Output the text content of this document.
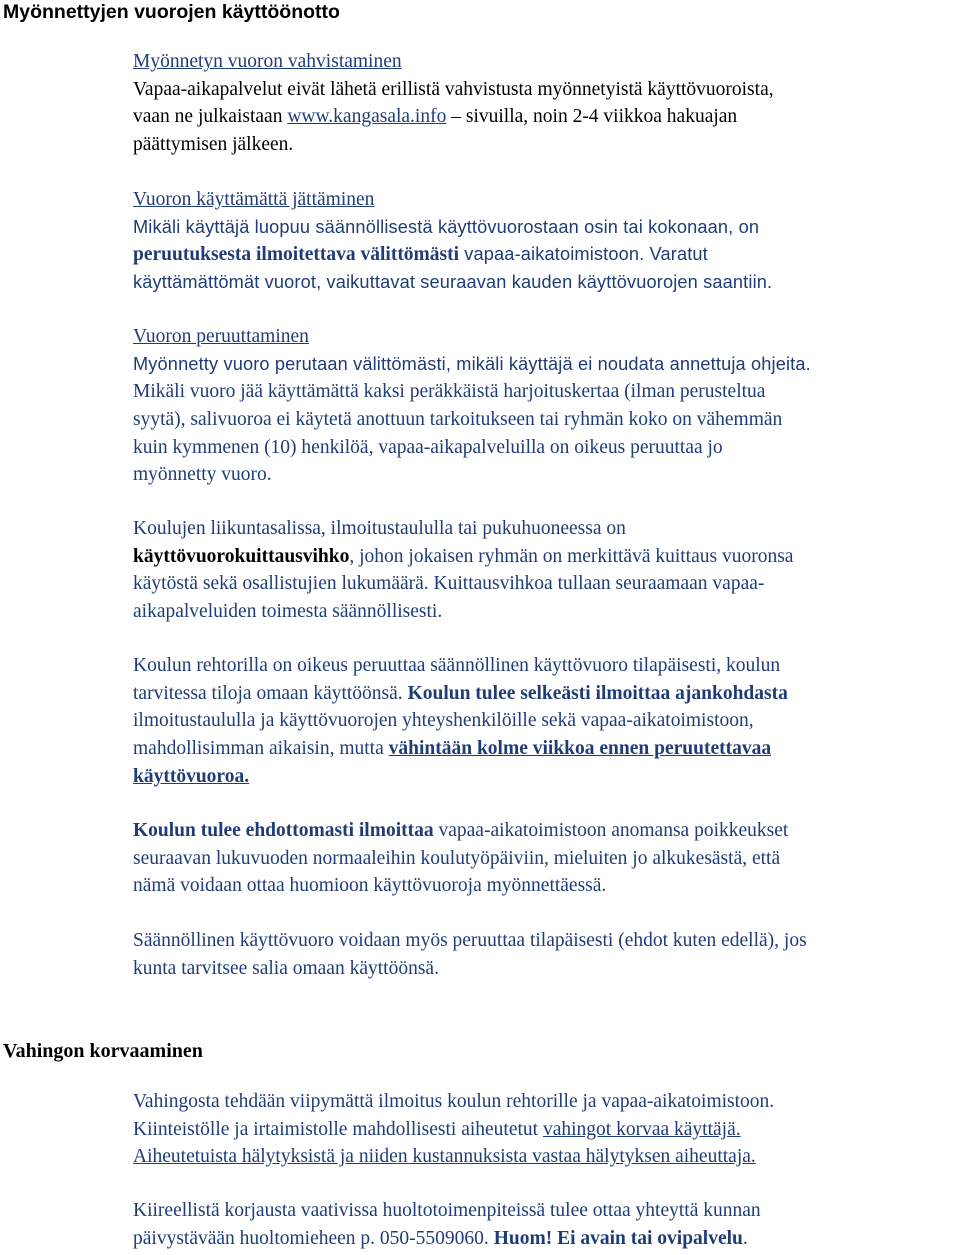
Myönnettyjen vuorojen käyttöönotto
Myönnetyn vuoron vahvistaminen
Vapaa-aikapalvelut eivät lähetä erillistä vahvistusta myönnetyistä käyttövuoroista,
vaan ne julkaistaan www.kangasala.info – sivuilla, noin 2-4 viikkoa hakuajan
päättymisen jälkeen.
Vuoron käyttämättä jättäminen
Mikäli käyttäjä luopuu säännöllisestä käyttövuorostaan osin tai kokonaan, on
peruutuksesta ilmoitettava välittömästi vapaa-aikatoimistoon. Varatut
käyttämättömät vuorot, vaikuttavat seuraavan kauden käyttövuorojen saantiin.
Vuoron peruuttaminen
Myönnetty vuoro perutaan välittömästi, mikäli käyttäjä ei noudata annettuja ohjeita.
Mikäli vuoro jää käyttämättä kaksi peräkkäistä harjoituskertaa (ilman perusteltua
syytä), salivuoroa ei käytetä anottuun tarkoitukseen tai ryhmän koko on vähemmän
kuin kymmenen (10) henkilöä, vapaa-aikapalveluilla on oikeus peruuttaa jo
myönnetty vuoro.
Koulujen liikuntasalissa, ilmoitustaululla tai pukuhuoneessa on
käyttövuorokuittausvihko, johon jokaisen ryhmän on merkittävä kuittaus vuoronsa
käytöstä sekä osallistujien lukumäärä. Kuittausvihkoa tullaan seuraamaan vapaa-
aikapalveluiden toimesta säännöllisesti.
Koulun rehtorilla on oikeus peruuttaa säännöllinen käyttövuoro tilapäisesti, koulun
tarvitessa tiloja omaan käyttöönsä. Koulun tulee selkeästi ilmoittaa ajankohdasta
ilmoitustaululla ja käyttövuorojen yhteyshenkilöille sekä vapaa-aikatoimistoon,
mahdollisimman aikaisin, mutta vähintään kolme viikkoa ennen peruutettavaa
käyttövuoroa.
Koulun tulee ehdottomasti ilmoittaa vapaa-aikatoimistoon anomansa poikkeukset
seuraavan lukuvuoden normaaleihin koulutyöpäiviin, mieluiten jo alkukesästä, että
nämä voidaan ottaa huomioon käyttövuoroja myönnettäessä.
Säännöllinen käyttövuoro voidaan myös peruuttaa tilapäisesti (ehdot kuten edellä), jos
kunta tarvitsee salia omaan käyttöönsä.
Vahingon korvaaminen
Vahingosta tehdään viipymättä ilmoitus koulun rehtorille ja vapaa-aikatoimistoon.
Kiinteistölle ja irtaimistolle mahdollisesti aiheutetut vahingot korvaa käyttäjä.
Aiheutetuista hälytyksistä ja niiden kustannuksista vastaa hälytyksen aiheuttaja.
Kiireellistä korjausta vaativissa huoltotoimenpiteissä tulee ottaa yhteyttä kunnan
päivystävään huoltomieheen p. 050-5509060. Huom! Ei avain tai ovipalvelu.
